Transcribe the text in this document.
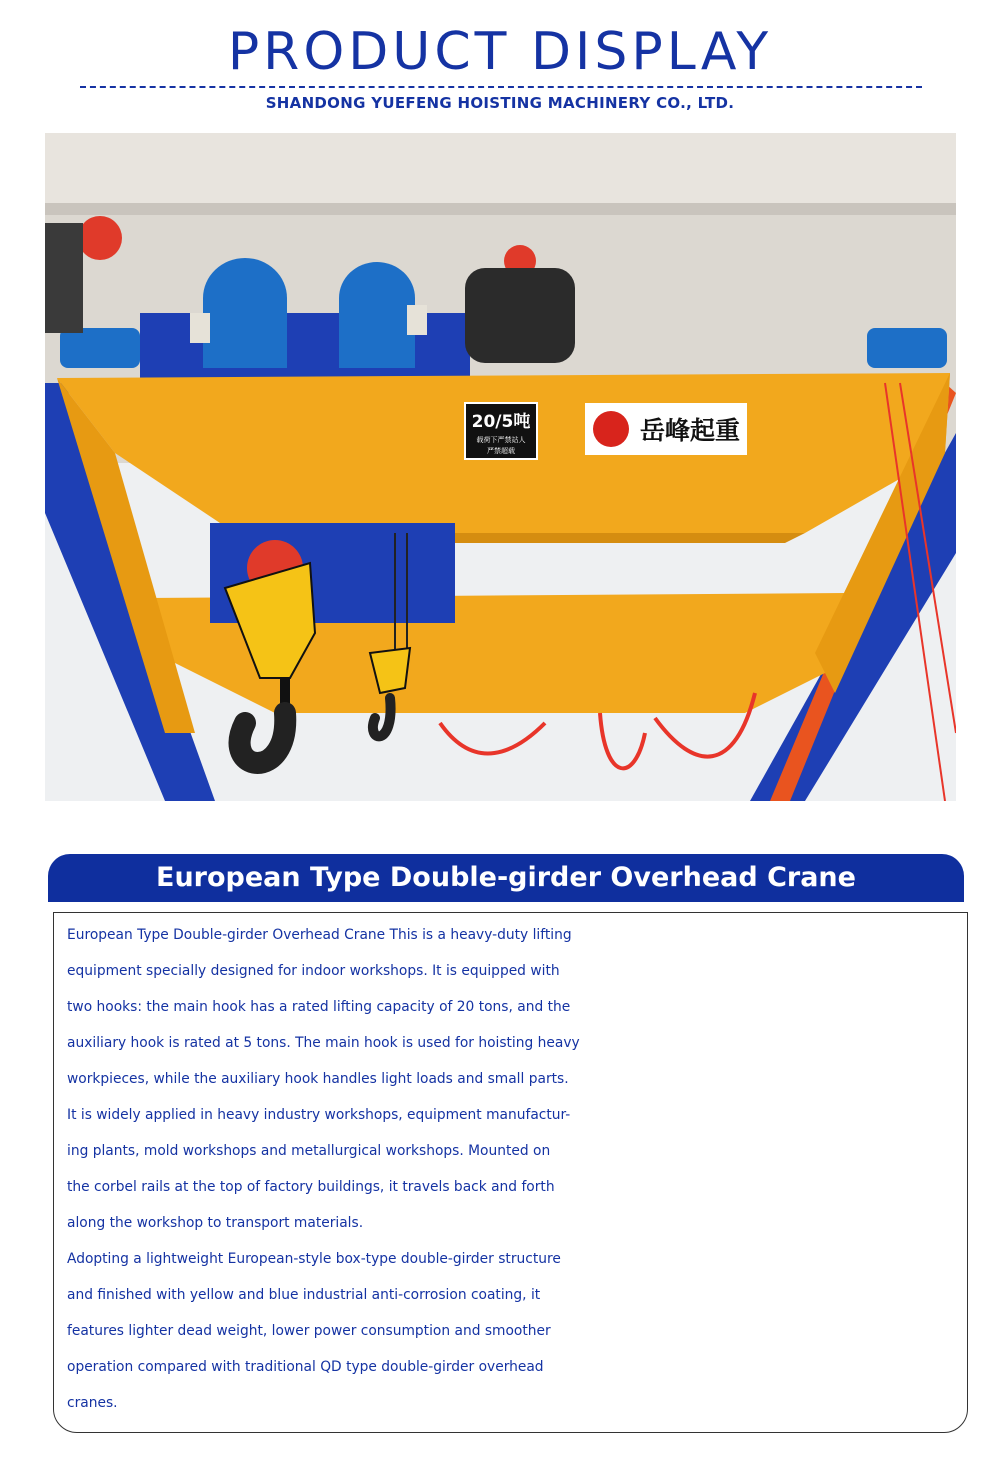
PRODUCT DISPLAY
SHANDONG YUEFENG HOISTING MACHINERY CO., LTD.
20/5吨
载荷下严禁站人
严禁超载
岳峰起重
European Type Double-girder Overhead Crane
European Type Double-girder Overhead Crane This is a heavy-duty lifting
equipment specially designed for indoor workshops. It is equipped with
two hooks: the main hook has a rated lifting capacity of 20 tons, and the
auxiliary hook is rated at 5 tons. The main hook is used for hoisting heavy
workpieces, while the auxiliary hook handles light loads and small parts.
It is widely applied in heavy industry workshops, equipment manufactur-
ing plants, mold workshops and metallurgical workshops. Mounted on
the corbel rails at the top of factory buildings, it travels back and forth
along the workshop to transport materials.
Adopting a lightweight European-style box-type double-girder structure
and finished with yellow and blue industrial anti-corrosion coating, it
features lighter dead weight, lower power consumption and smoother
operation compared with traditional QD type double-girder overhead
cranes.
